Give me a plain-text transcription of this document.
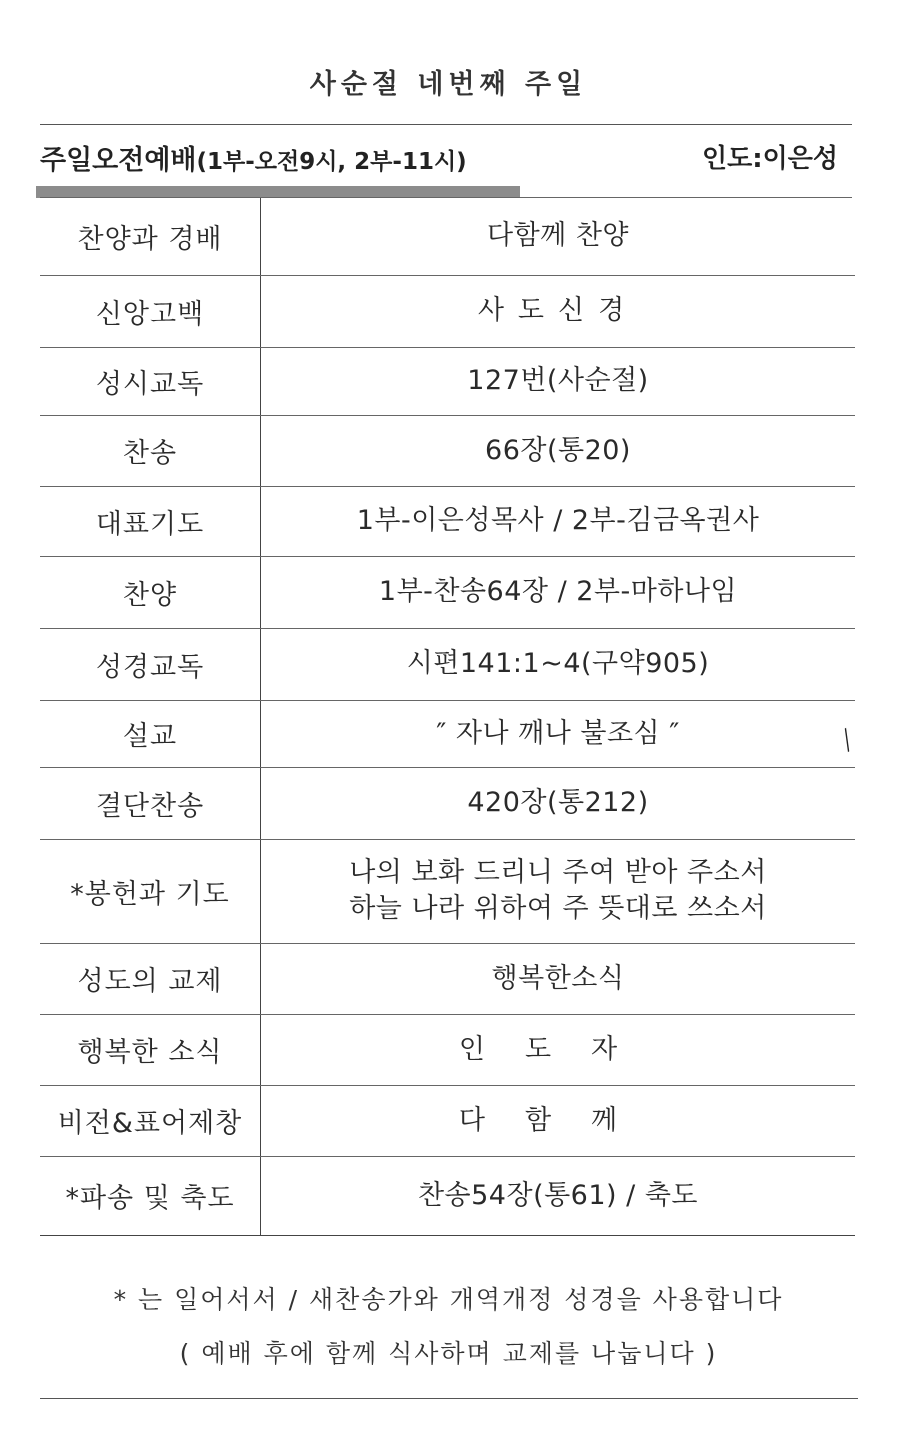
사순절 네번째 주일
주일오전예배(1부-오전9시, 2부-11시)	인도:이은성
찬양과 경배	다함께 찬양
신앙고백	사도신경
성시교독	127번(사순절)
찬송	66장(통20)
대표기도	1부-이은성목사 / 2부-김금옥권사
찬양	1부-찬송64장 / 2부-마하나임
성경교독	시편141:1~4(구약905)
설교	″ 자나 깨나 불조심 ″
결단찬송	420장(통212)
*봉헌과 기도	나의 보화 드리니 주여 받아 주소서
하늘 나라 위하여 주 뜻대로 쓰소서

성도의 교제	행복한소식
행복한 소식	인도자
비전&표어제창	다함께
*파송 및 축도	찬송54장(통61) / 축도
╱
* 는 일어서서 / 새찬송가와 개역개정 성경을 사용합니다
( 예배 후에 함께 식사하며 교제를 나눕니다 )
